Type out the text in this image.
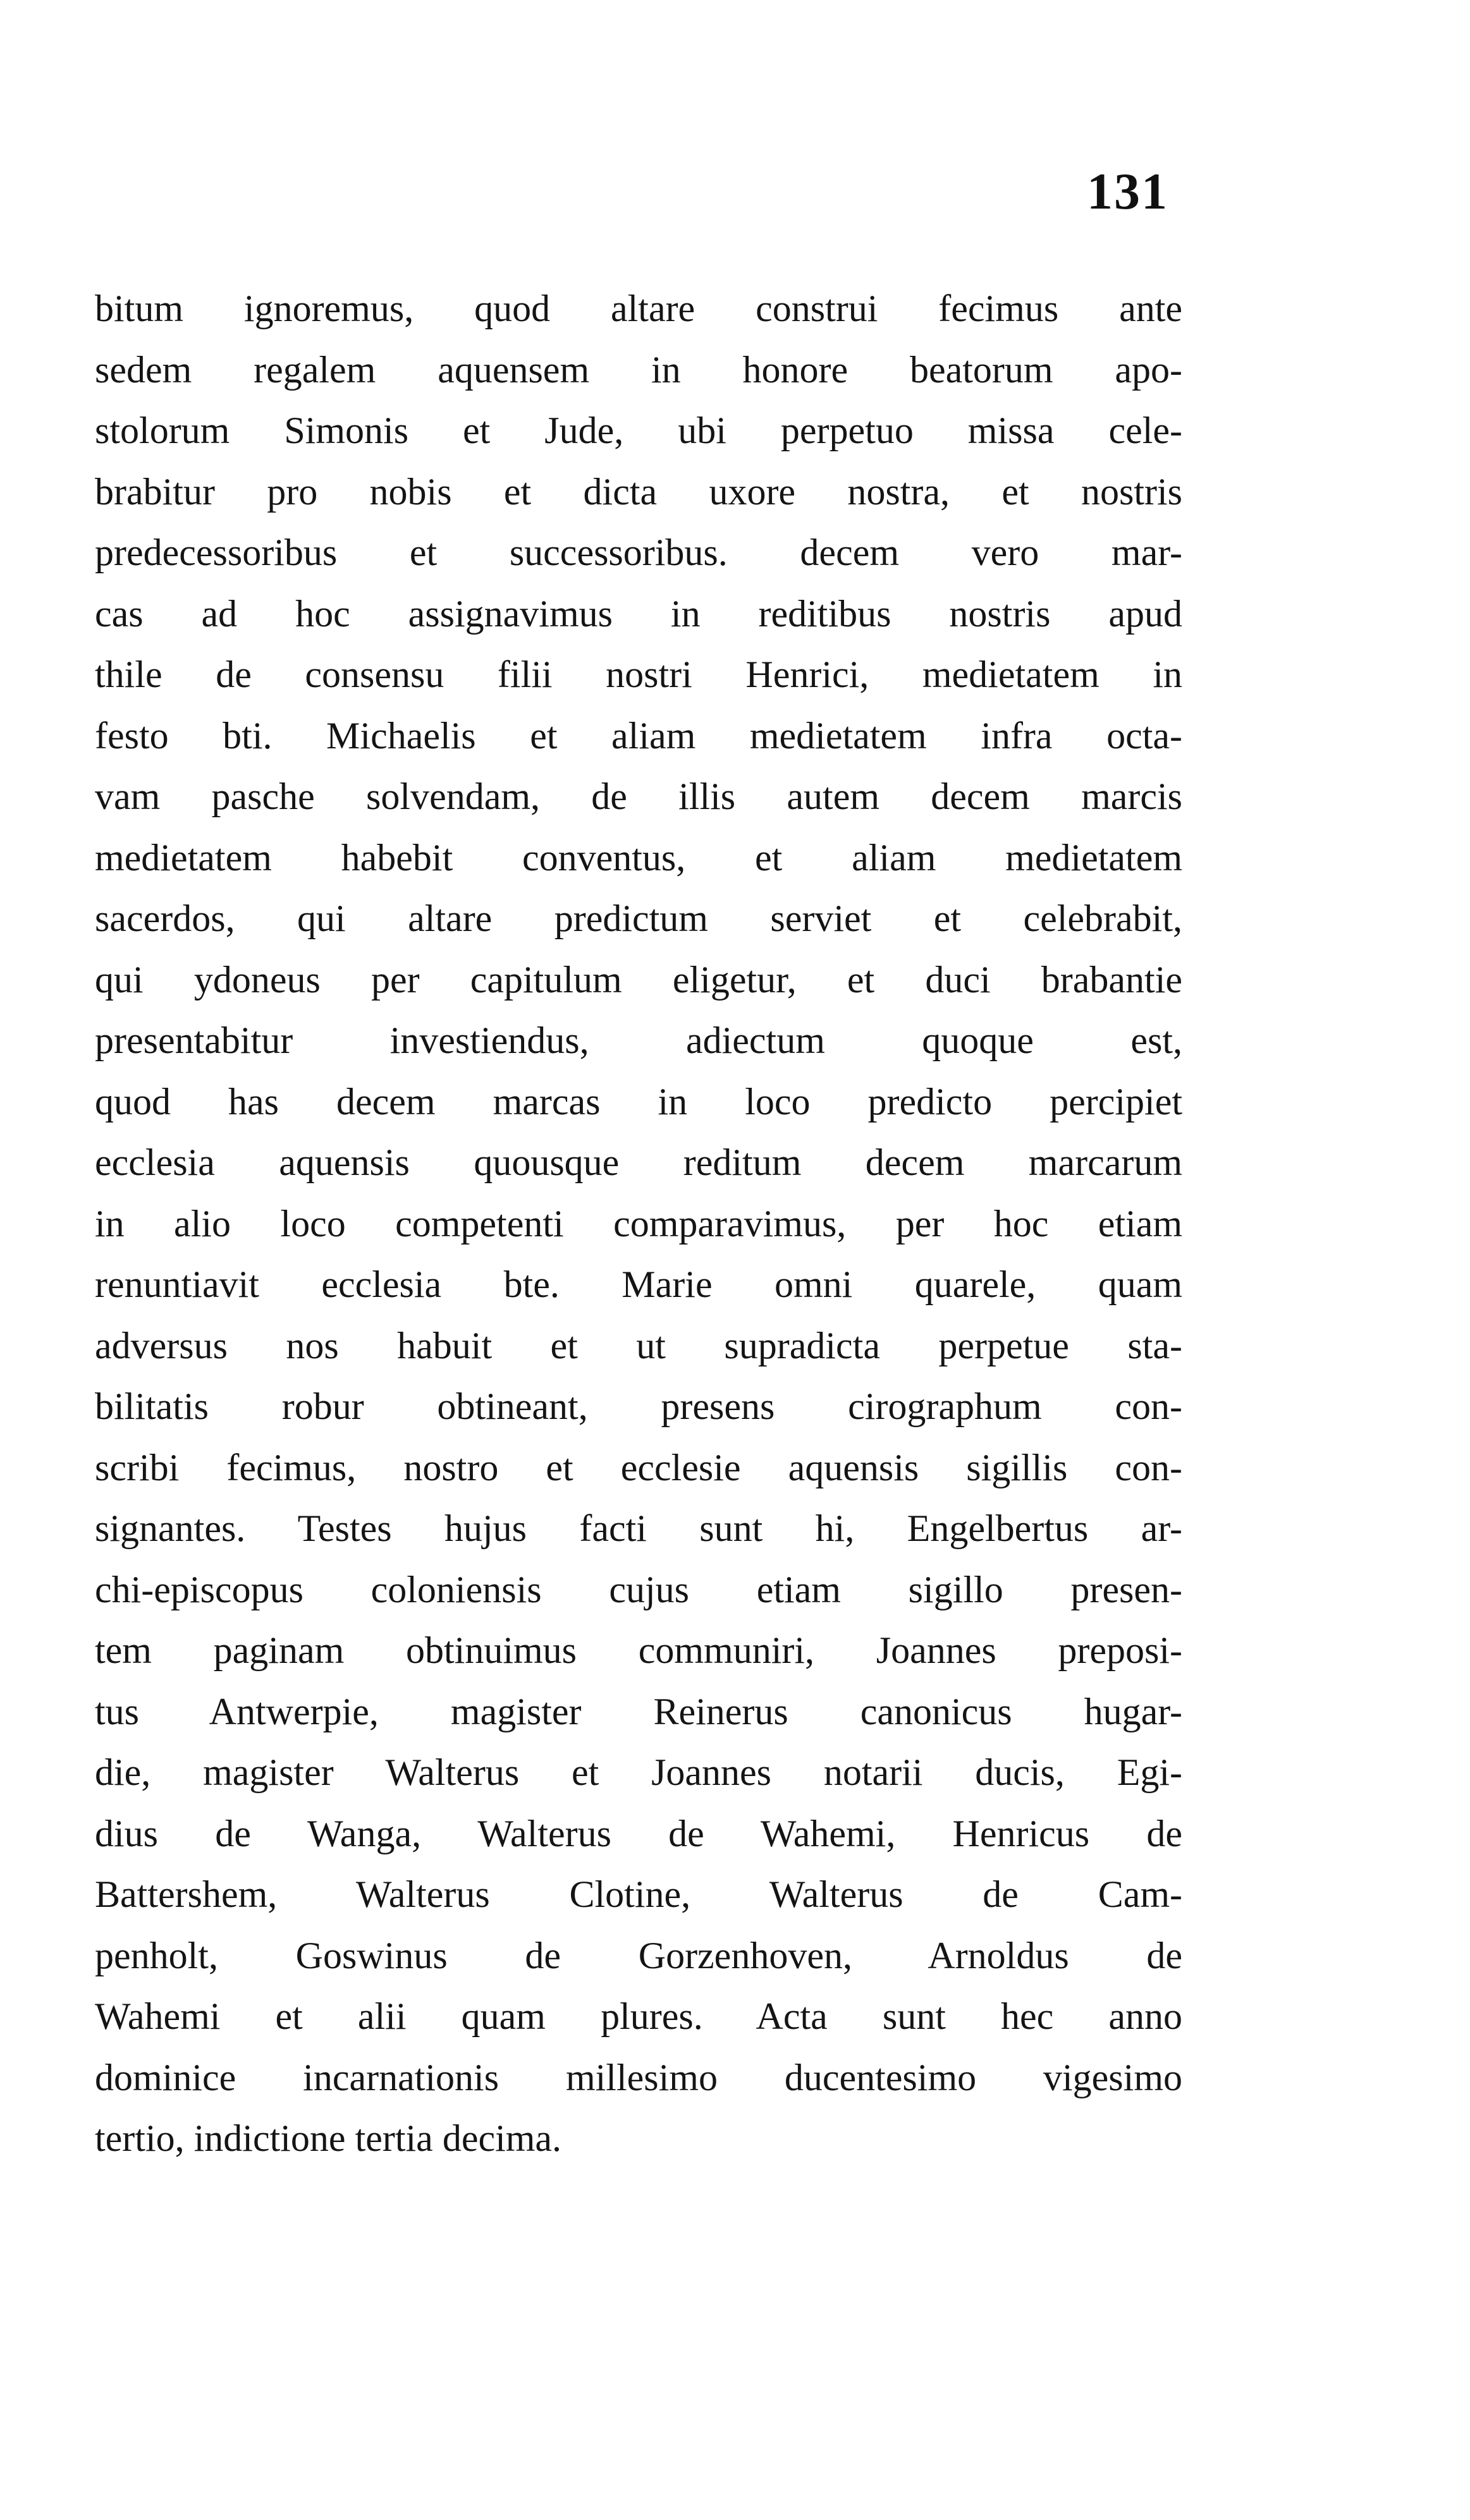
131
bitum ignoremus, quod altare construi fecimus ante
sedem regalem aquensem in honore beatorum apo-
stolorum Simonis et Jude, ubi perpetuo missa cele-
brabitur pro nobis et dicta uxore nostra, et nostris
predecessoribus et successoribus. decem vero mar-
cas ad hoc assignavimus in reditibus nostris apud
thile de consensu filii nostri Henrici, medietatem in
festo bti. Michaelis et aliam medietatem infra octa-
vam pasche solvendam, de illis autem decem marcis
medietatem habebit conventus, et aliam medietatem
sacerdos, qui altare predictum serviet et celebrabit,
qui ydoneus per capitulum eligetur, et duci brabantie
presentabitur investiendus, adiectum quoque est,
quod has decem marcas in loco predicto percipiet
ecclesia aquensis quousque reditum decem marcarum
in alio loco competenti comparavimus, per hoc etiam
renuntiavit ecclesia bte. Marie omni quarele, quam
adversus nos habuit et ut supradicta perpetue sta-
bilitatis robur obtineant, presens cirographum con-
scribi fecimus, nostro et ecclesie aquensis sigillis con-
signantes. Testes hujus facti sunt hi, Engelbertus ar-
chi-episcopus coloniensis cujus etiam sigillo presen-
tem paginam obtinuimus communiri, Joannes preposi-
tus Antwerpie, magister Reinerus canonicus hugar-
die, magister Walterus et Joannes notarii ducis, Egi-
dius de Wanga, Walterus de Wahemi, Henricus de
Battershem, Walterus Clotine, Walterus de Cam-
penholt, Goswinus de Gorzenhoven, Arnoldus de
Wahemi et alii quam plures. Acta sunt hec anno
dominice incarnationis millesimo ducentesimo vigesimo
tertio, indictione tertia decima.
